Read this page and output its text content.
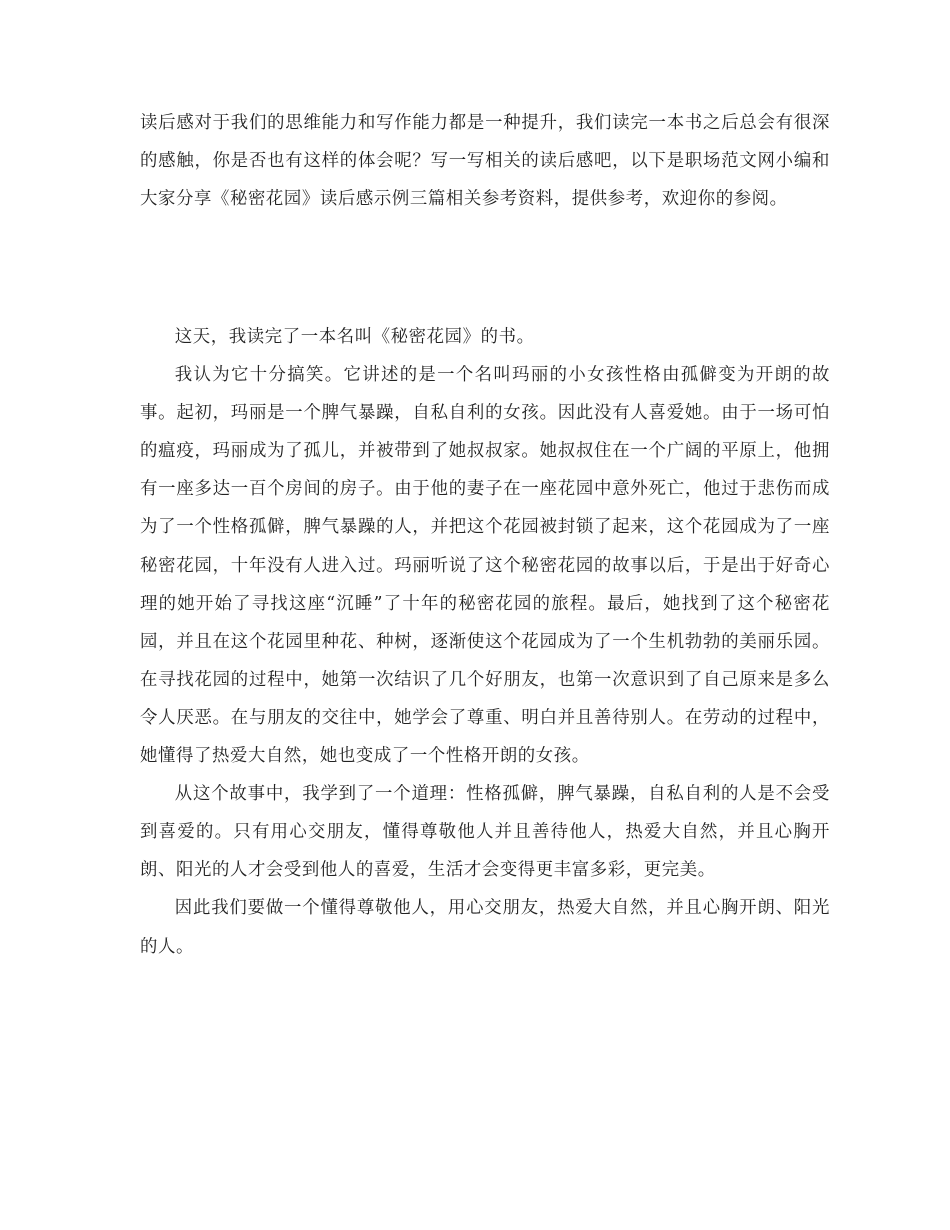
读后感对于我们的思维能力和写作能力都是一种提升，我们读完一本书之后总会有很深的感触，你是否也有这样的体会呢？写一写相关的读后感吧，以下是职场范文网小编和大家分享《秘密花园》读后感示例三篇相关参考资料，提供参考，欢迎你的参阅。

这天，我读完了一本名叫《秘密花园》的书。

我认为它十分搞笑。它讲述的是一个名叫玛丽的小女孩性格由孤僻变为开朗的故事。起初，玛丽是一个脾气暴躁，自私自利的女孩。因此没有人喜爱她。由于一场可怕的瘟疫，玛丽成为了孤儿，并被带到了她叔叔家。她叔叔住在一个广阔的平原上，他拥有一座多达一百个房间的房子。由于他的妻子在一座花园中意外死亡，他过于悲伤而成为了一个性格孤僻，脾气暴躁的人，并把这个花园被封锁了起来，这个花园成为了一座秘密花园，十年没有人进入过。玛丽听说了这个秘密花园的故事以后，于是出于好奇心理的她开始了寻找这座“沉睡”了十年的秘密花园的旅程。最后，她找到了这个秘密花园，并且在这个花园里种花、种树，逐渐使这个花园成为了一个生机勃勃的美丽乐园。在寻找花园的过程中，她第一次结识了几个好朋友，也第一次意识到了自己原来是多么令人厌恶。在与朋友的交往中，她学会了尊重、明白并且善待别人。在劳动的过程中，她懂得了热爱大自然，她也变成了一个性格开朗的女孩。

从这个故事中，我学到了一个道理：性格孤僻，脾气暴躁，自私自利的人是不会受到喜爱的。只有用心交朋友，懂得尊敬他人并且善待他人，热爱大自然，并且心胸开朗、阳光的人才会受到他人的喜爱，生活才会变得更丰富多彩，更完美。

因此我们要做一个懂得尊敬他人，用心交朋友，热爱大自然，并且心胸开朗、阳光的人。
